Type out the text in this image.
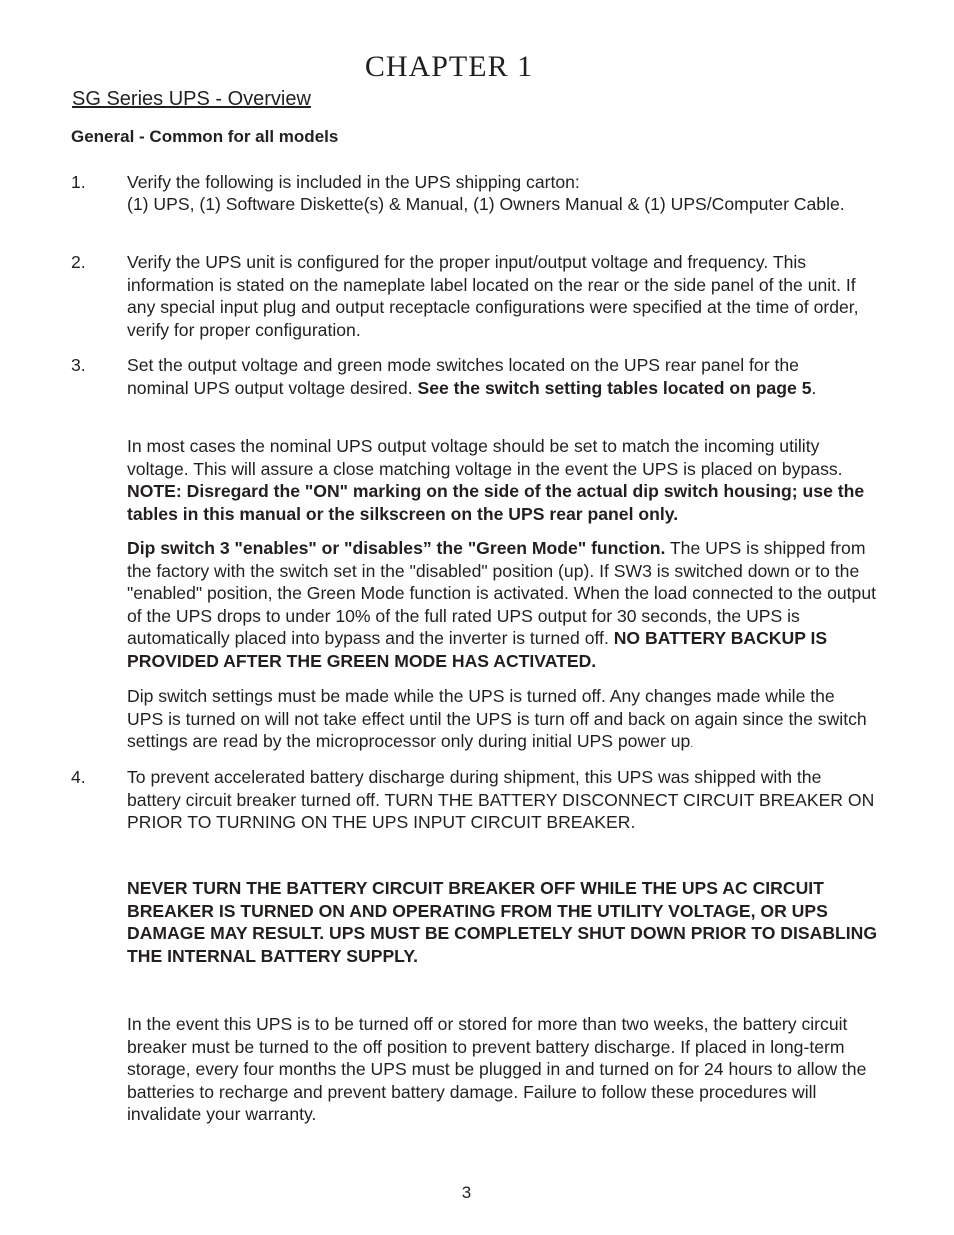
CHAPTER 1
SG Series UPS - Overview
General - Common for all models
1. Verify the following is included in the UPS shipping carton:

(1) UPS, (1) Software Diskette(s) & Manual, (1) Owners Manual & (1) UPS/Computer Cable.

2. Verify the UPS unit is configured for the proper input/output voltage and frequency. This information is stated on the nameplate label located on the rear or the side panel of the unit. If any special input plug and output receptacle configurations were specified at the time of order, verify for proper configuration.

3. Set the output voltage and green mode switches located on the UPS rear panel for the nominal UPS output voltage desired. See the switch setting tables located on page 5.

In most cases the nominal UPS output voltage should be set to match the incoming utility voltage. This will assure a close matching voltage in the event the UPS is placed on bypass. NOTE: Disregard the "ON" marking on the side of the actual dip switch housing; use the tables in this manual or the silkscreen on the UPS rear panel only.

Dip switch 3 "enables" or "disables” the "Green Mode" function. The UPS is shipped from the factory with the switch set in the "disabled" position (up). If SW3 is switched down or to the "enabled" position, the Green Mode function is activated. When the load connected to the output of the UPS drops to under 10% of the full rated UPS output for 30 seconds, the UPS is automatically placed into bypass and the inverter is turned off. NO BATTERY BACKUP IS PROVIDED AFTER THE GREEN MODE HAS ACTIVATED.

Dip switch settings must be made while the UPS is turned off. Any changes made while the UPS is turned on will not take effect until the UPS is turn off and back on again since the switch settings are read by the microprocessor only during initial UPS power up.

4. To prevent accelerated battery discharge during shipment, this UPS was shipped with the battery circuit breaker turned off. TURN THE BATTERY DISCONNECT CIRCUIT BREAKER ON PRIOR TO TURNING ON THE UPS INPUT CIRCUIT BREAKER.

NEVER TURN THE BATTERY CIRCUIT BREAKER OFF WHILE THE UPS AC CIRCUIT BREAKER IS TURNED ON AND OPERATING FROM THE UTILITY VOLTAGE, OR UPS DAMAGE MAY RESULT. UPS MUST BE COMPLETELY SHUT DOWN PRIOR TO DISABLING THE INTERNAL BATTERY SUPPLY.

In the event this UPS is to be turned off or stored for more than two weeks, the battery circuit breaker must be turned to the off position to prevent battery discharge. If placed in long-term storage, every four months the UPS must be plugged in and turned on for 24 hours to allow the batteries to recharge and prevent battery damage. Failure to follow these procedures will invalidate your warranty.

3
